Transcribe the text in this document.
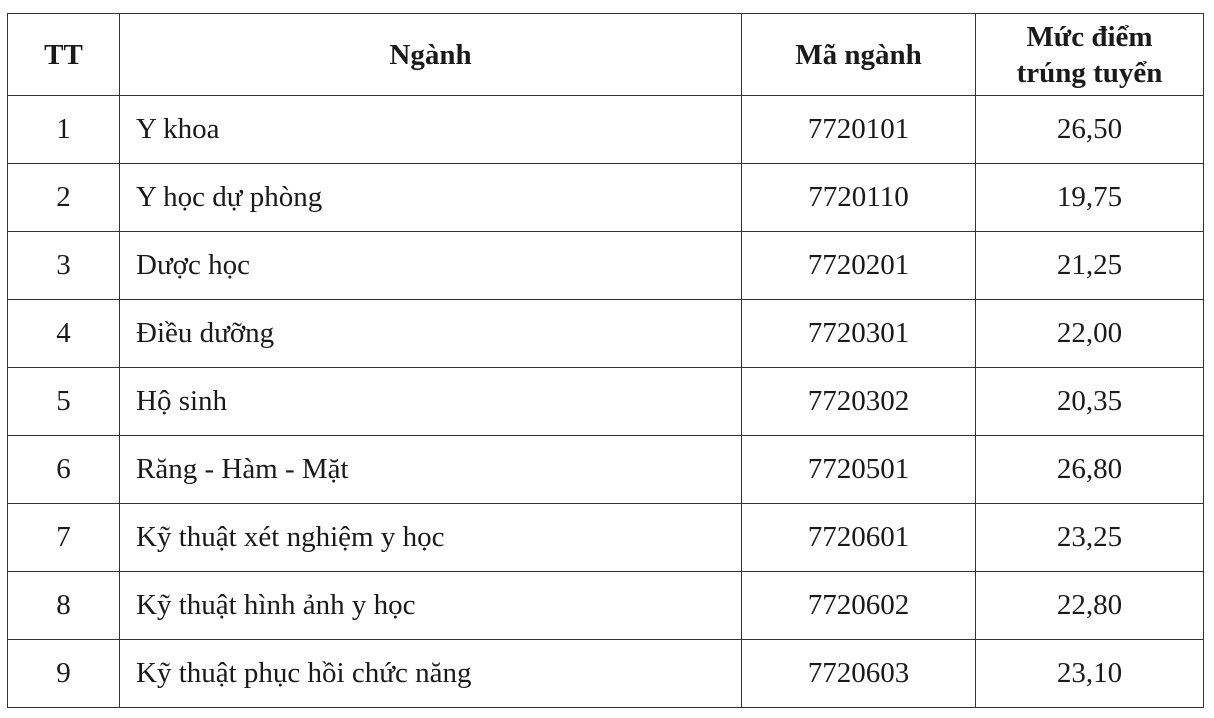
TT	Ngành	Mã ngành	Mức điểm
trúng tuyển

1	Y khoa	7720101	26,50
2	Y học dự phòng	7720110	19,75
3	Dược học	7720201	21,25
4	Điều dưỡng	7720301	22,00
5	Hộ sinh	7720302	20,35
6	Răng - Hàm - Mặt	7720501	26,80
7	Kỹ thuật xét nghiệm y học	7720601	23,25
8	Kỹ thuật hình ảnh y học	7720602	22,80
9	Kỹ thuật phục hồi chức năng	7720603	23,10
